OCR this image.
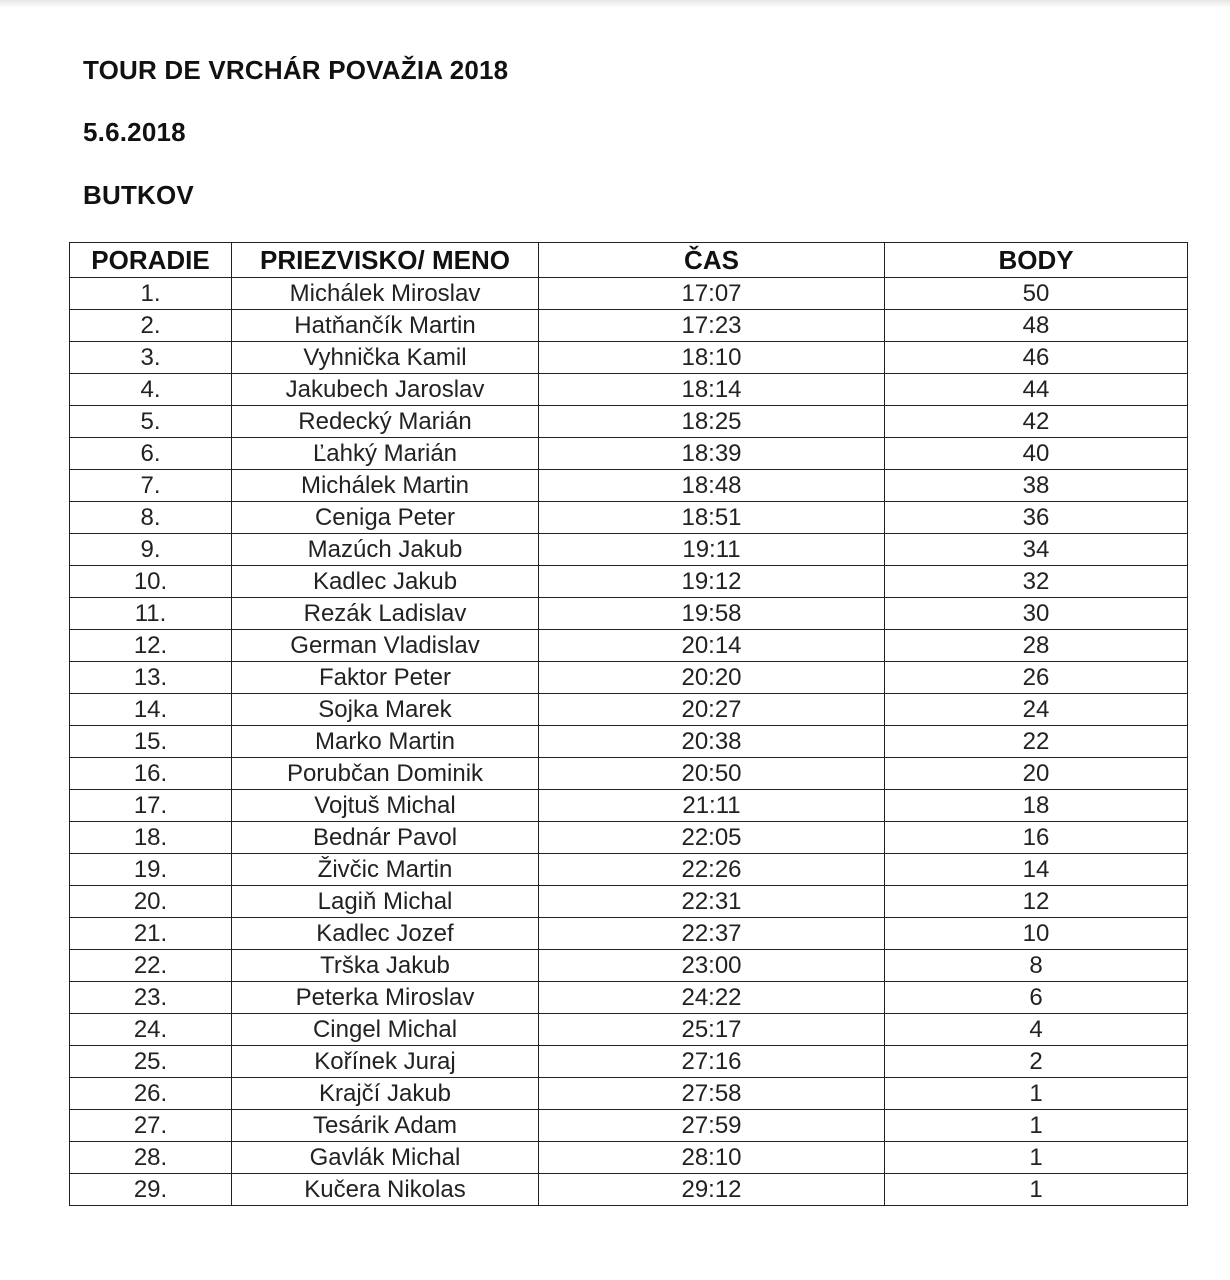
TOUR DE VRCHÁR POVAŽIA 2018
5.6.2018
BUTKOV
PORADIE	PRIEZVISKO/ MENO	ČAS	BODY
1.	Michálek Miroslav	17:07	50
2.	Hatňančík Martin	17:23	48
3.	Vyhnička Kamil	18:10	46
4.	Jakubech Jaroslav	18:14	44
5.	Redecký Marián	18:25	42
6.	Ľahký Marián	18:39	40
7.	Michálek Martin	18:48	38
8.	Ceniga Peter	18:51	36
9.	Mazúch Jakub	19:11	34
10.	Kadlec Jakub	19:12	32
11.	Rezák Ladislav	19:58	30
12.	German Vladislav	20:14	28
13.	Faktor Peter	20:20	26
14.	Sojka Marek	20:27	24
15.	Marko Martin	20:38	22
16.	Porubčan Dominik	20:50	20
17.	Vojtuš Michal	21:11	18
18.	Bednár Pavol	22:05	16
19.	Živčic Martin	22:26	14
20.	Lagiň Michal	22:31	12
21.	Kadlec Jozef	22:37	10
22.	Trška Jakub	23:00	8
23.	Peterka Miroslav	24:22	6
24.	Cingel Michal	25:17	4
25.	Kořínek Juraj	27:16	2
26.	Krajčí Jakub	27:58	1
27.	Tesárik Adam	27:59	1
28.	Gavlák Michal	28:10	1
29.	Kučera Nikolas	29:12	1
